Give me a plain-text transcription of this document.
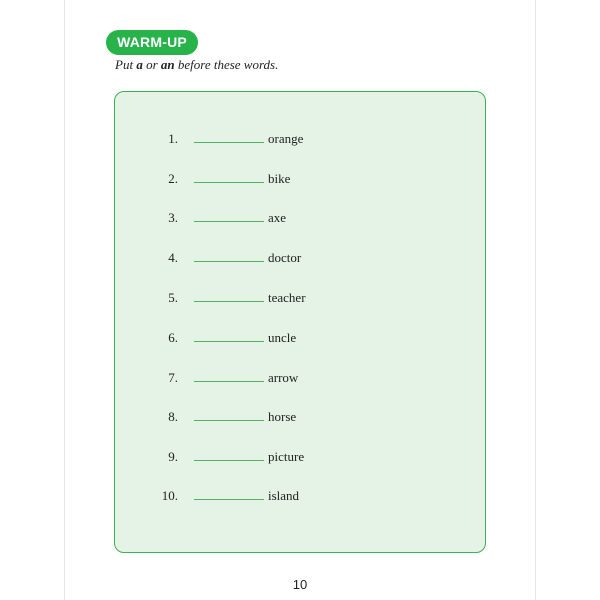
WARM-UP
Put a or an before these words.
1.	orange
2.	bike
3.	axe
4.	doctor
5.	teacher
6.	uncle
7.	arrow
8.	horse
9.	picture
10.	island
10
